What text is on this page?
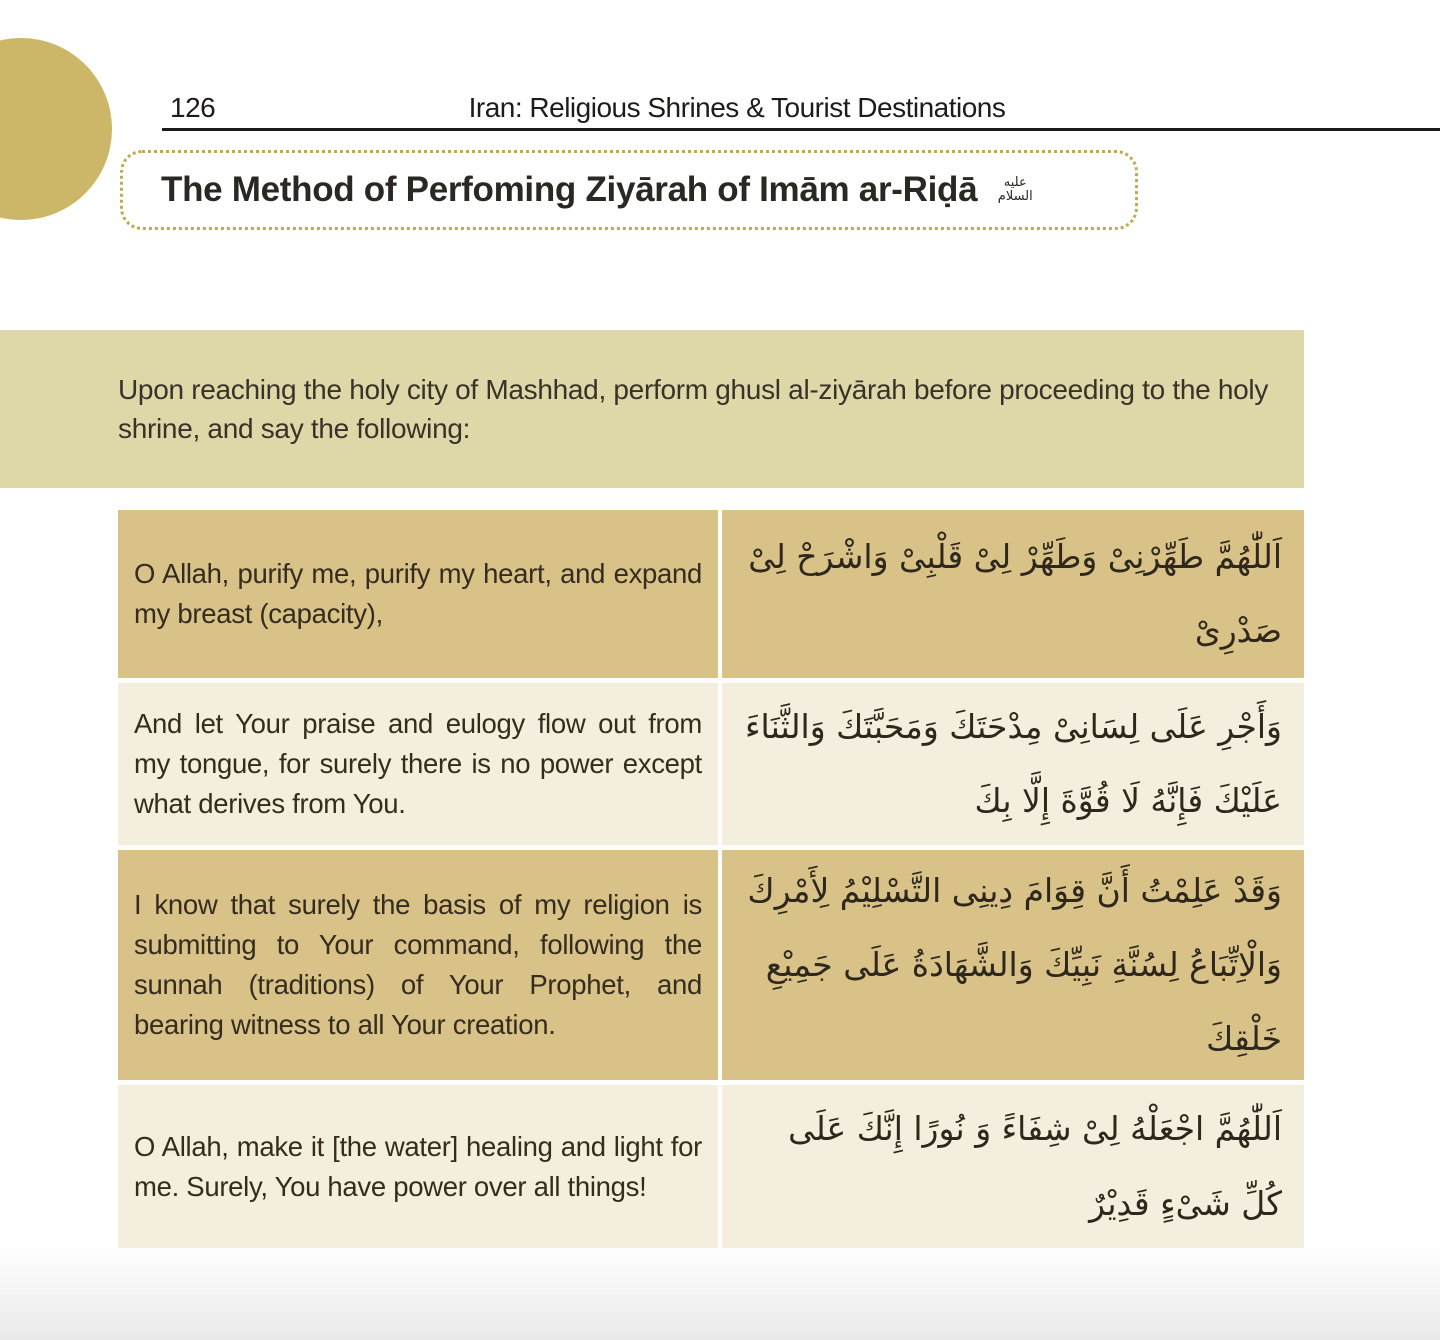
126	Iran: Religious Shrines & Tourist Destinations
The Method of Perfoming Ziyārah of Imām ar-Riḍā	عليه السلام

Upon reaching the holy city of Mashhad, perform ghusl al-ziyārah before proceeding to the holy shrine, and say the following:

O Allah, purify me, purify my heart, and expand my breast (capacity),

اَللّٰهُمَّ طَهِّرْنِىْ وَطَهِّرْ لِىْ قَلْبِىْ وَاشْرَحْ لِىْ صَدْرِىْ

And let Your praise and eulogy flow out from my tongue, for surely there is no power except what derives from You.

وَأَجْرِ عَلَى لِسَانِىْ مِدْحَتَكَ وَمَحَبَّتَكَ وَالثَّنَاءَ عَلَيْكَ فَإِنَّهُ لَا قُوَّةَ إِلَّا بِكَ

I know that surely the basis of my religion is submitting to Your command, following the sunnah (traditions) of Your Prophet, and bearing witness to all Your creation.

وَقَدْ عَلِمْتُ أَنَّ قِوَامَ دِينِى التَّسْلِيْمُ لِأَمْرِكَ وَالْاِتِّبَاعُ لِسُنَّةِ نَبِيِّكَ وَالشَّهَادَةُ عَلَى جَمِيْعِ خَلْقِكَ

O Allah, make it [the water] healing and light for me. Surely, You have power over all things!

اَللّٰهُمَّ اجْعَلْهُ لِىْ شِفَاءً وَ نُورًا إِنَّكَ عَلَى كُلِّ شَىْءٍ قَدِيْرٌ
